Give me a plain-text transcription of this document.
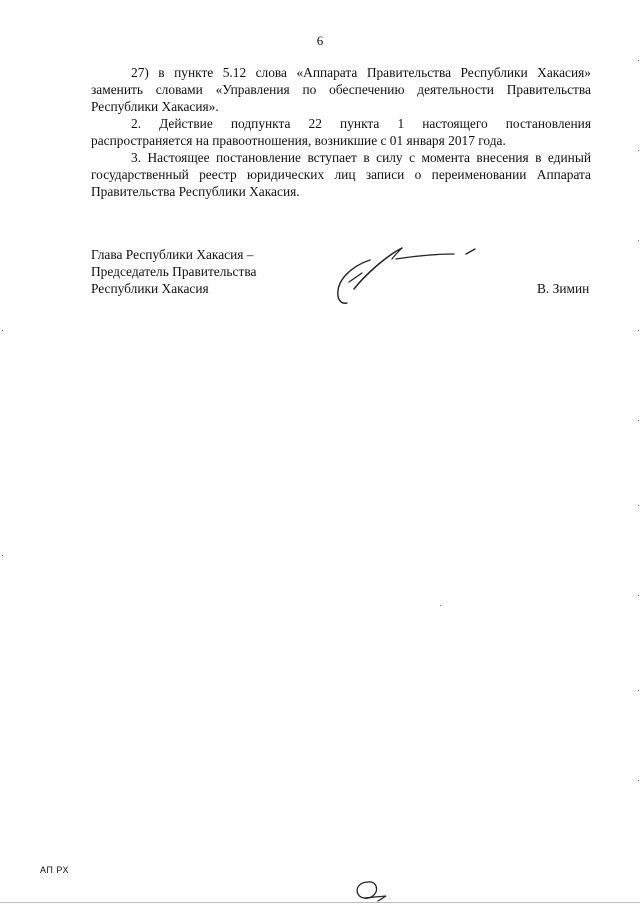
6

27) в пункте 5.12 слова «Аппарата Правительства Республики Хакасия» заменить словами «Управления по обеспечению деятельности Правительства Республики Хакасия».

2. Действие подпункта 22 пункта 1 настоящего постановления распространяется на правоотношения, возникшие с 01 января 2017 года.

3. Настоящее постановление вступает в силу с момента внесения в единый государственный реестр юридических лиц записи о переименовании Аппарата Правительства Республики Хакасия.

Глава Республики Хакасия –
Председатель Правительства
Республики Хакасия	В. Зимин
АП РХ
